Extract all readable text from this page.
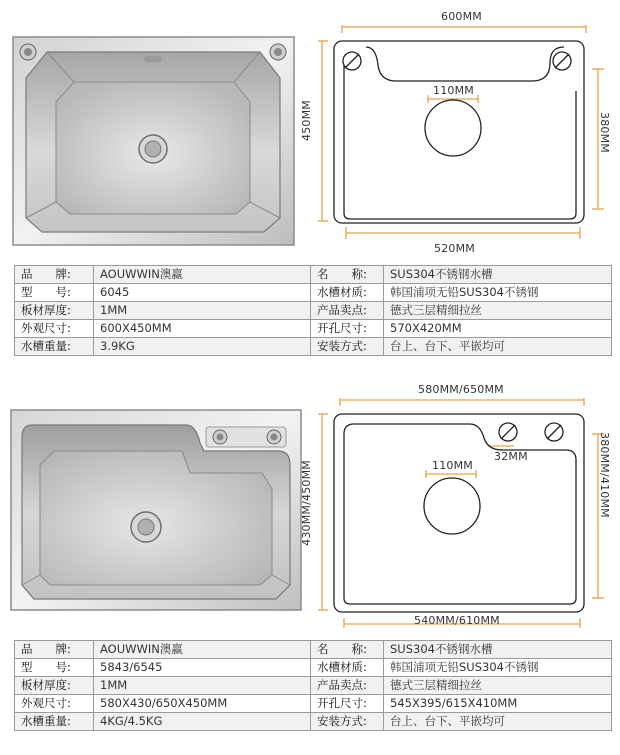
600MM
450MM	380MM
520MM
110MM
品　　牌:	AOUWWIN澳赢	名　　称:	SUS304不锈钢水槽
型　　号:	6045	水槽材质:	韩国浦项无铅SUS304不锈钢
板材厚度:	1MM	产品卖点:	德式三层精细拉丝
外观尺寸:	600X450MM	开孔尺寸:	570X420MM
水槽重量:	3.9KG	安装方式:	台上、台下、平嵌均可
580MM/650MM
430MM/450MM	380MM/410MM
540MM/610MM
110MM
32MM
品　　牌:	AOUWWIN澳赢	名　　称:	SUS304不锈钢水槽
型　　号:	5843/6545	水槽材质:	韩国浦项无铅SUS304不锈钢
板材厚度:	1MM	产品卖点:	德式三层精细拉丝
外观尺寸:	580X430/650X450MM	开孔尺寸:	545X395/615X410MM
水槽重量:	4KG/4.5KG	安装方式:	台上、台下、平嵌均可
